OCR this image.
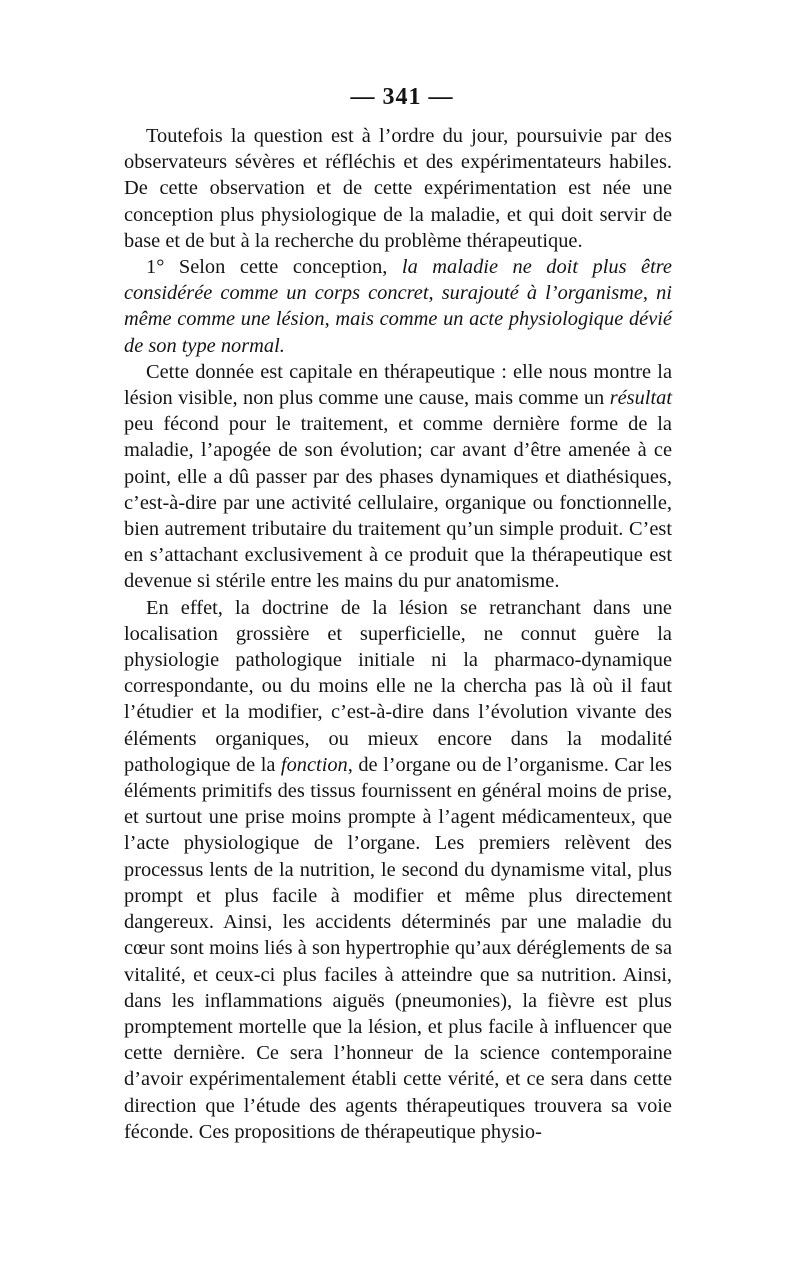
— 341 —

Toutefois la question est à l’ordre du jour, poursuivie par des observateurs sévères et réfléchis et des expérimentateurs habiles. De cette observation et de cette expérimentation est née une conception plus physiologique de la maladie, et qui doit servir de base et de but à la recherche du problème thérapeutique.

1° Selon cette conception, la maladie ne doit plus être considérée comme un corps concret, surajouté à l’organisme, ni même comme une lésion, mais comme un acte physiologique dévié de son type normal.

Cette donnée est capitale en thérapeutique : elle nous montre la lésion visible, non plus comme une cause, mais comme un résultat peu fécond pour le traitement, et comme dernière forme de la maladie, l’apogée de son évolution; car avant d’être amenée à ce point, elle a dû passer par des phases dynamiques et diathésiques, c’est-à-dire par une activité cellulaire, organique ou fonctionnelle, bien autrement tributaire du traitement qu’un simple produit. C’est en s’attachant exclusivement à ce produit que la thérapeutique est devenue si stérile entre les mains du pur anatomisme.

En effet, la doctrine de la lésion se retranchant dans une localisation grossière et superficielle, ne connut guère la physiologie pathologique initiale ni la pharmaco-dynamique correspondante, ou du moins elle ne la chercha pas là où il faut l’étudier et la modifier, c’est-à-dire dans l’évolution vivante des éléments organiques, ou mieux encore dans la modalité pathologique de la fonction, de l’organe ou de l’organisme. Car les éléments primitifs des tissus fournissent en général moins de prise, et surtout une prise moins prompte à l’agent médicamenteux, que l’acte physiologique de l’organe. Les premiers relèvent des processus lents de la nutrition, le second du dynamisme vital, plus prompt et plus facile à modifier et même plus directement dangereux. Ainsi, les accidents déterminés par une maladie du cœur sont moins liés à son hypertrophie qu’aux déréglements de sa vitalité, et ceux-ci plus faciles à atteindre que sa nutrition. Ainsi, dans les inflammations aiguës (pneumonies), la fièvre est plus promptement mortelle que la lésion, et plus facile à influencer que cette dernière. Ce sera l’honneur de la science contemporaine d’avoir expérimentalement établi cette vérité, et ce sera dans cette direction que l’étude des agents thérapeutiques trouvera sa voie féconde. Ces propositions de thérapeutique physio-
